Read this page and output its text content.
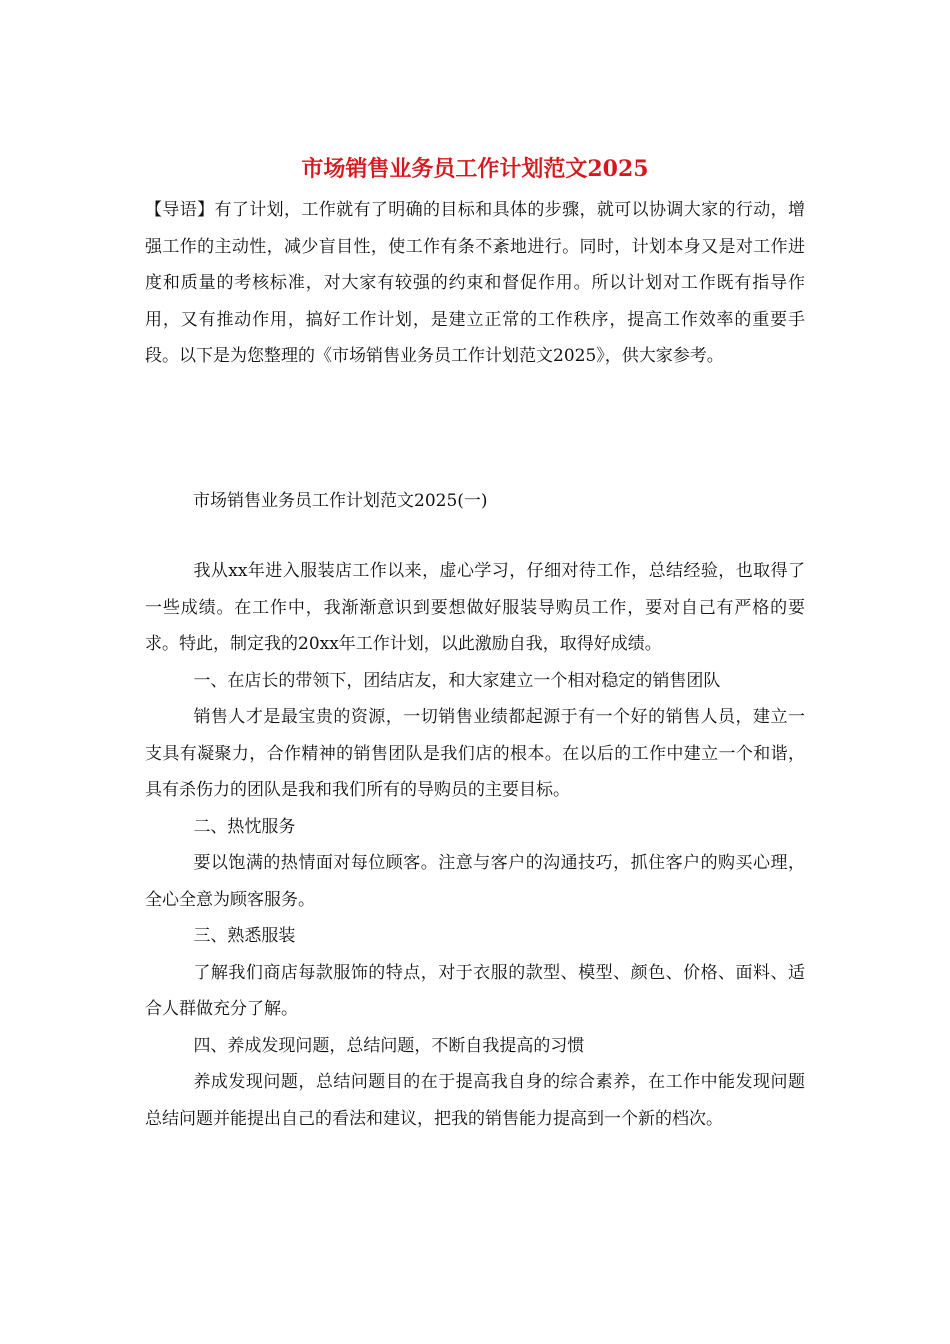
市场销售业务员工作计划范文2025
【导语】有了计划，工作就有了明确的目标和具体的步骤，就可以协调大家的行动，增强工作的主动性，减少盲目性，使工作有条不紊地进行。同时，计划本身又是对工作进度和质量的考核标准，对大家有较强的约束和督促作用。所以计划对工作既有指导作用，又有推动作用，搞好工作计划，是建立正常的工作秩序，提高工作效率的重要手段。以下是为您整理的《市场销售业务员工作计划范文2025》，供大家参考。
市场销售业务员工作计划范文2025(一)

我从xx年进入服装店工作以来，虚心学习，仔细对待工作，总结经验，也取得了一些成绩。在工作中，我渐渐意识到要想做好服装导购员工作，要对自己有严格的要求。特此，制定我的20xx年工作计划，以此激励自我，取得好成绩。

一、在店长的带领下，团结店友，和大家建立一个相对稳定的销售团队

销售人才是最宝贵的资源，一切销售业绩都起源于有一个好的销售人员，建立一支具有凝聚力，合作精神的销售团队是我们店的根本。在以后的工作中建立一个和谐，具有杀伤力的团队是我和我们所有的导购员的主要目标。

二、热忱服务

要以饱满的热情面对每位顾客。注意与客户的沟通技巧，抓住客户的购买心理，全心全意为顾客服务。

三、熟悉服装

了解我们商店每款服饰的特点，对于衣服的款型、模型、颜色、价格、面料、适合人群做充分了解。

四、养成发现问题，总结问题，不断自我提高的习惯

养成发现问题，总结问题目的在于提高我自身的综合素养，在工作中能发现问题总结问题并能提出自己的看法和建议，把我的销售能力提高到一个新的档次。
